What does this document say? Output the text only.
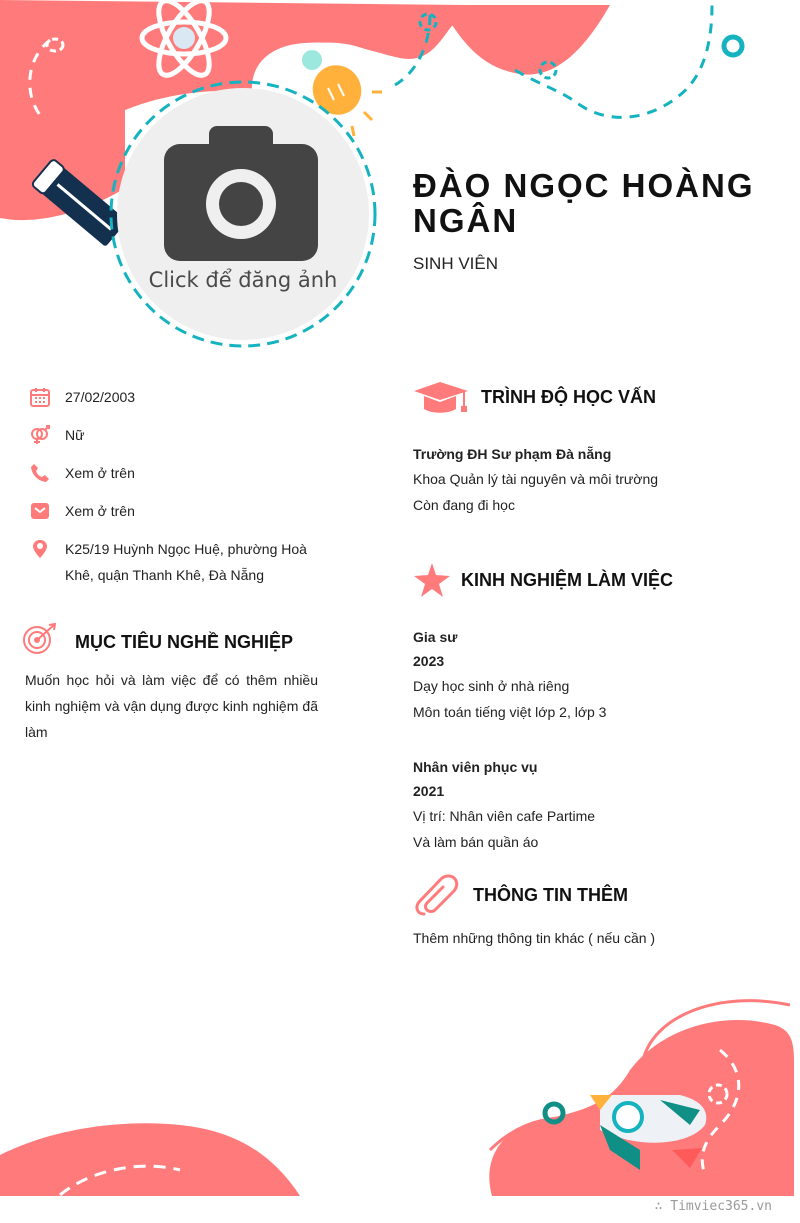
Click để đăng ảnh
ĐÀO NGỌC HOÀNG NGÂN
SINH VIÊN
27/02/2003
Nữ
Xem ở trên
Xem ở trên
K25/19 Huỳnh Ngọc Huệ, phường Hoà Khê, quận Thanh Khê, Đà Nẵng
MỤC TIÊU NGHỀ NGHIỆP
Muốn học hỏi và làm việc để có thêm nhiều kinh nghiệm và vận dụng được kinh nghiệm đã làm
TRÌNH ĐỘ HỌC VẤN
Trường ĐH Sư phạm Đà nẵng
Khoa Quản lý tài nguyên và môi trường
Còn đang đi học
KINH NGHIỆM LÀM VIỆC
Gia sư
2023
Dạy học sinh ở nhà riêng
Môn toán tiếng việt lớp 2, lớp 3
Nhân viên phục vụ
2021
Vị trí: Nhân viên cafe Partime
Và làm bán quần áo
THÔNG TIN THÊM
Thêm những thông tin khác ( nếu cần )
∴ Timviec365.vn
